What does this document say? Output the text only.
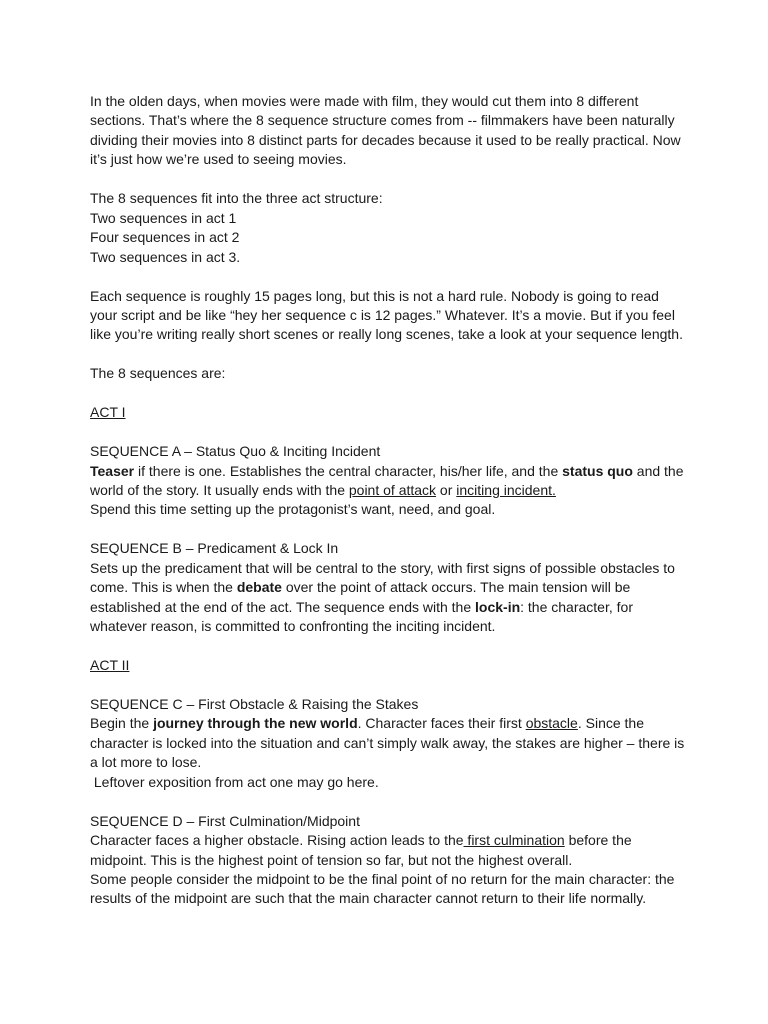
In the olden days, when movies were made with film, they would cut them into 8 different sections. That’s where the 8 sequence structure comes from -- filmmakers have been naturally dividing their movies into 8 distinct parts for decades because it used to be really practical. Now it’s just how we’re used to seeing movies.

The 8 sequences fit into the three act structure:

Two sequences in act 1

Four sequences in act 2

Two sequences in act 3.

Each sequence is roughly 15 pages long, but this is not a hard rule. Nobody is going to read your script and be like “hey her sequence c is 12 pages.” Whatever. It’s a movie. But if you feel like you’re writing really short scenes or really long scenes, take a look at your sequence length.

The 8 sequences are:

ACT I

SEQUENCE A – Status Quo & Inciting Incident

Teaser if there is one. Establishes the central character, his/her life, and the status quo and the world of the story. It usually ends with the point of attack or inciting incident.

Spend this time setting up the protagonist’s want, need, and goal.

SEQUENCE B – Predicament & Lock In

Sets up the predicament that will be central to the story, with first signs of possible obstacles to come. This is when the debate over the point of attack occurs. The main tension will be established at the end of the act. The sequence ends with the lock-in: the character, for whatever reason, is committed to confronting the inciting incident.

ACT II

SEQUENCE C – First Obstacle & Raising the Stakes

Begin the journey through the new world. Character faces their first obstacle. Since the character is locked into the situation and can’t simply walk away, the stakes are higher – there is a lot more to lose.

Leftover exposition from act one may go here.

SEQUENCE D – First Culmination/Midpoint

Character faces a higher obstacle. Rising action leads to the first culmination before the midpoint. This is the highest point of tension so far, but not the highest overall.

Some people consider the midpoint to be the final point of no return for the main character: the results of the midpoint are such that the main character cannot return to their life normally.
